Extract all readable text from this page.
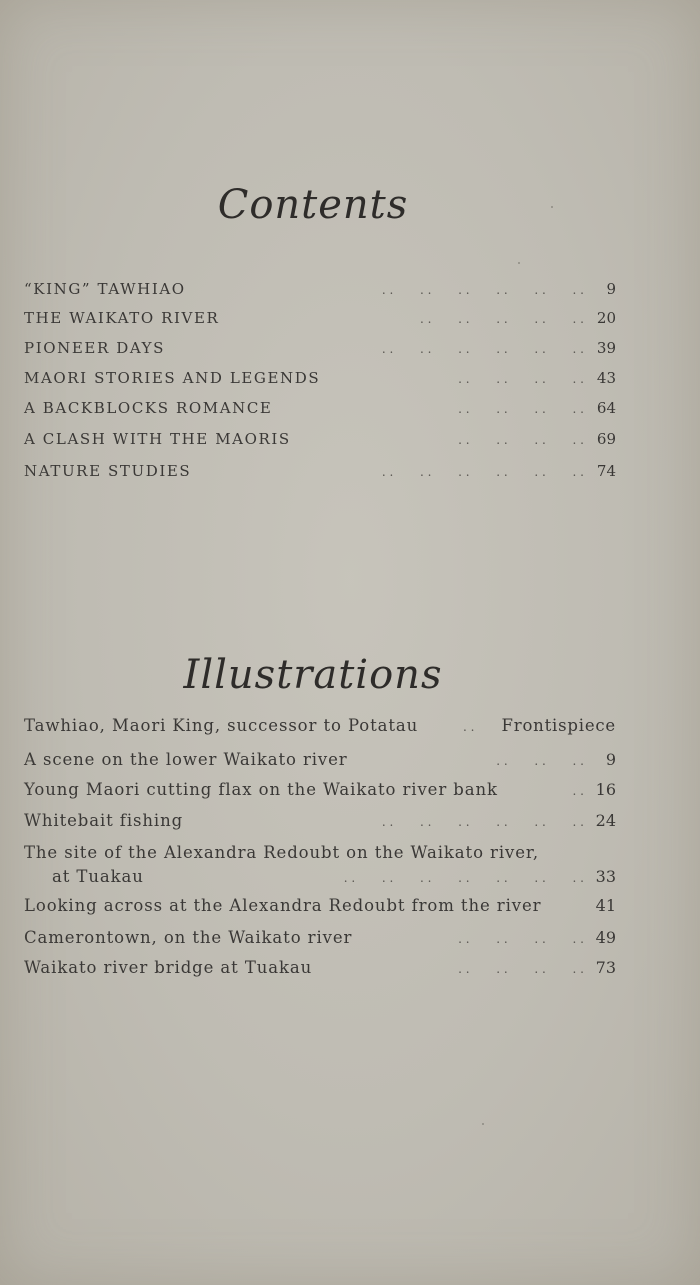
Contents
“KING” TAWHIAO	. .       . .       . .       . .       . .       . .	9
THE WAIKATO RIVER	. .       . .       . .       . .       . . 20
PIONEER DAYS	. .       . .       . .       . .       . .       . . 39
MAORI STORIES AND LEGENDS	. .       . .       . .       . . 43
A BACKBLOCKS ROMANCE	. .       . .       . .       . . 64
A CLASH WITH THE MAORIS	. .       . .       . .       . . 69
NATURE STUDIES	. .       . .       . .       . .       . .       . . 74
Illustrations
Tawhiao, Maori King, successor to Potatau	. . Frontispiece
A scene on the lower Waikato river	. .       . .       . .	9
Young Maori cutting flax on the Waikato river bank	. . 16
Whitebait fishing	. .       . .       . .       . .       . .       . . 24
The site of the Alexandra Redoubt on the Waikato river,
at Tuakau	. .       . .       . .       . .       . .       . .       . . 33
Looking across at the Alexandra Redoubt from the river	41
Camerontown, on the Waikato river	. .       . .       . .       . . 49
Waikato river bridge at Tuakau	. .       . .       . .       . . 73
